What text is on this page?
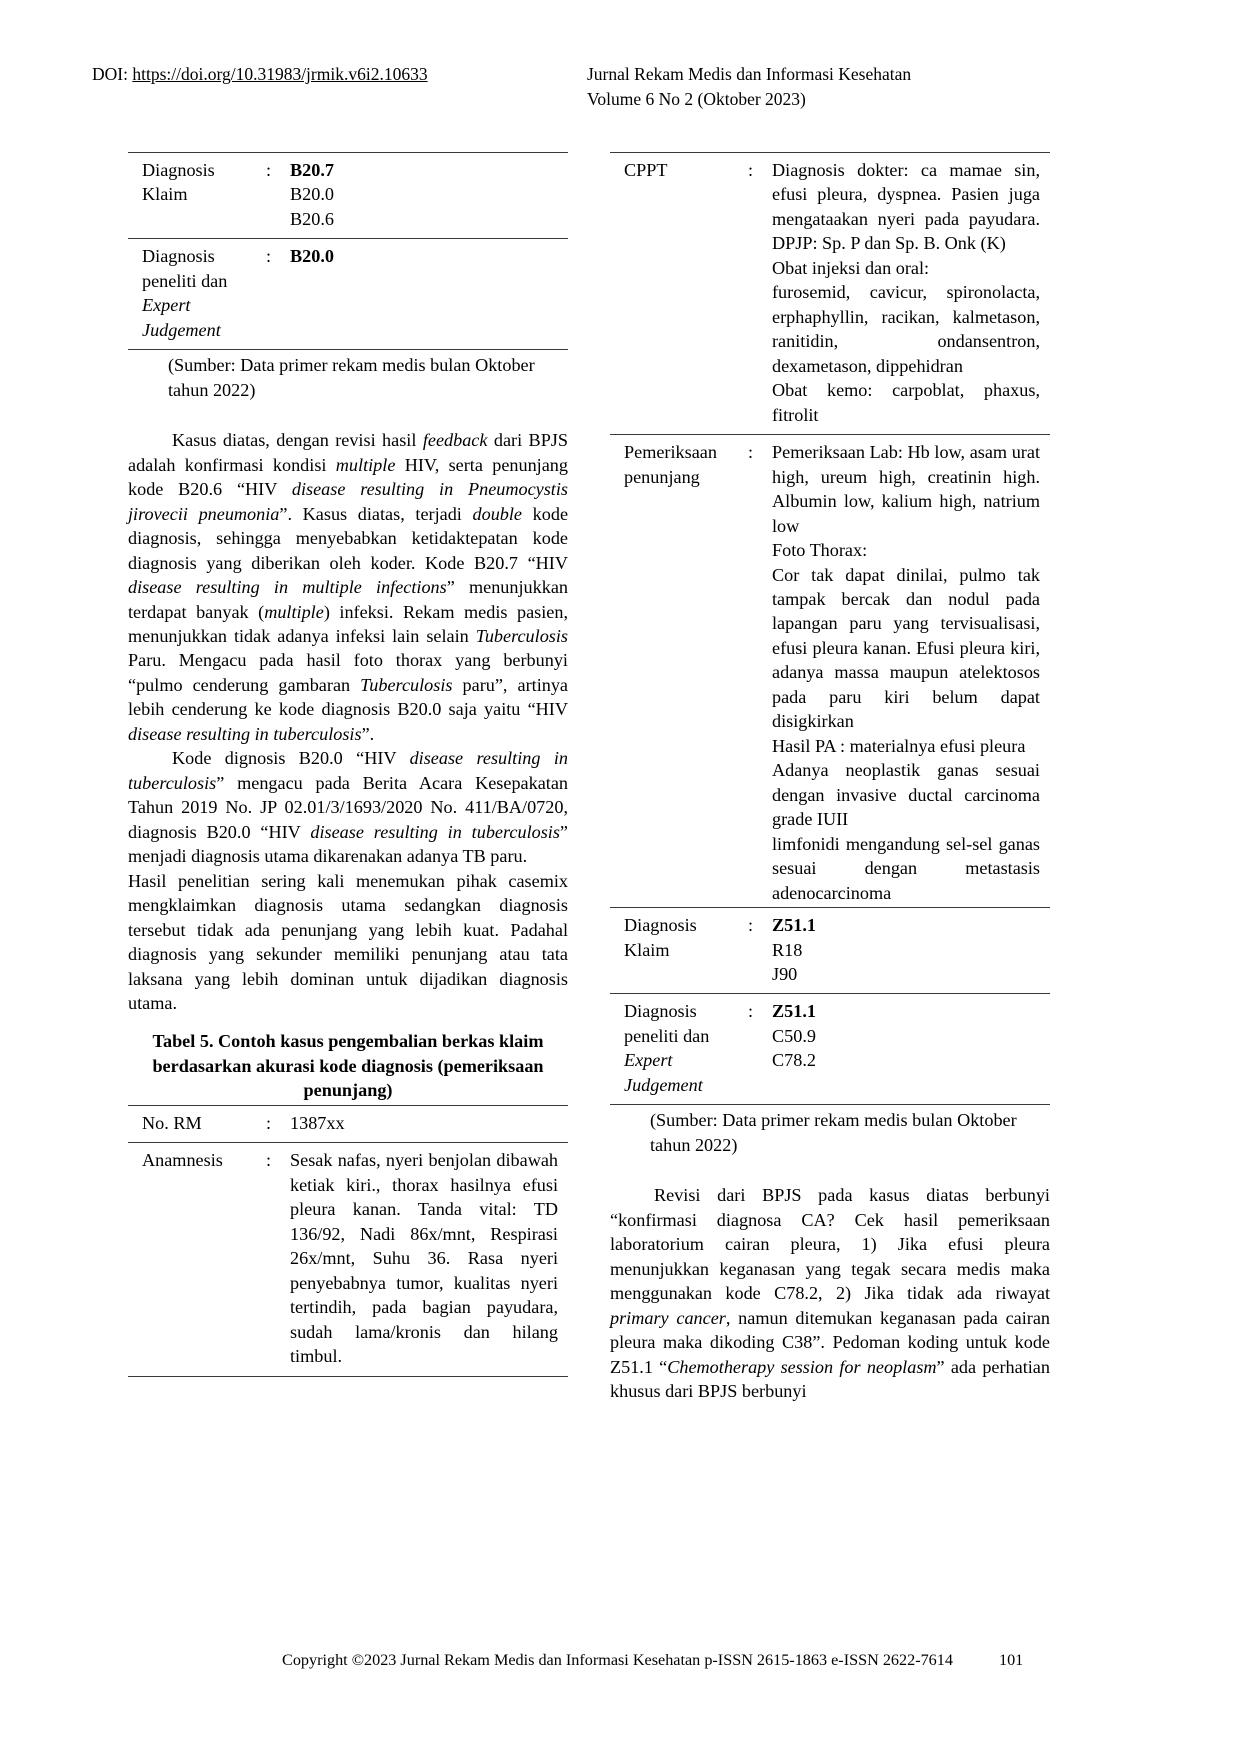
DOI: https://doi.org/10.31983/jrmik.v6i2.10633	Jurnal Rekam Medis dan Informasi Kesehatan
Volume 6 No 2 (Oktober 2023)
Diagnosis
Klaim	:	B20.7
B20.0
B20.6
Diagnosis
peneliti dan
Expert
Judgement	:	B20.0

(Sumber: Data primer rekam medis bulan Oktober tahun 2022)

Kasus diatas, dengan revisi hasil feedback dari BPJS adalah konfirmasi kondisi multiple HIV, serta penunjang kode B20.6 “HIV disease resulting in Pneumocystis jirovecii pneumonia”. Kasus diatas, terjadi double kode diagnosis, sehingga menyebabkan ketidaktepatan kode diagnosis yang diberikan oleh koder. Kode B20.7 “HIV disease resulting in multiple infections” menunjukkan terdapat banyak (multiple) infeksi. Rekam medis pasien, menunjukkan tidak adanya infeksi lain selain Tuberculosis Paru. Mengacu pada hasil foto thorax yang berbunyi “pulmo cenderung gambaran Tuberculosis paru”, artinya lebih cenderung ke kode diagnosis B20.0 saja yaitu “HIV disease resulting in tuberculosis”.

Kode dignosis B20.0 “HIV disease resulting in tuberculosis” mengacu pada Berita Acara Kesepakatan Tahun 2019 No. JP 02.01/3/1693/2020 No. 411/BA/0720, diagnosis B20.0 “HIV disease resulting in tuberculosis” menjadi diagnosis utama dikarenakan adanya TB paru.

Hasil penelitian sering kali menemukan pihak casemix mengklaimkan diagnosis utama sedangkan diagnosis tersebut tidak ada penunjang yang lebih kuat. Padahal diagnosis yang sekunder memiliki penunjang atau tata laksana yang lebih dominan untuk dijadikan diagnosis utama.

Tabel 5. Contoh kasus pengembalian berkas klaim berdasarkan akurasi kode diagnosis (pemeriksaan penunjang)

No. RM	:	1387xx
Anamnesis	:	Sesak nafas, nyeri benjolan dibawah ketiak kiri., thorax hasilnya efusi pleura kanan. Tanda vital: TD 136/92, Nadi 86x/mnt, Respirasi 26x/mnt, Suhu 36. Rasa nyeri penyebabnya tumor, kualitas nyeri tertindih, pada bagian payudara, sudah lama/kronis dan hilang timbul.
CPPT	:	Diagnosis dokter: ca mamae sin, efusi pleura, dyspnea. Pasien juga mengataakan nyeri pada payudara. DPJP: Sp. P dan Sp. B. Onk (K)
Obat injeksi dan oral:
furosemid, cavicur, spironolacta, erphaphyllin, racikan, kalmetason, ranitidin, ondansentron, dexametason, dippehidran
Obat kemo: carpoblat, phaxus, fitrolit

Pemeriksaan
penunjang	:	Pemeriksaan Lab: Hb low, asam urat high, ureum high, creatinin high. Albumin low, kalium high, natrium low
Foto Thorax:
Cor tak dapat dinilai, pulmo tak tampak bercak dan nodul pada lapangan paru yang tervisualisasi, efusi pleura kanan. Efusi pleura kiri, adanya massa maupun atelektosos pada paru kiri belum dapat disigkirkan
Hasil PA : materialnya efusi pleura
Adanya neoplastik ganas sesuai dengan invasive ductal carcinoma grade IUII
limfonidi mengandung sel-sel ganas sesuai dengan metastasis adenocarcinoma

Diagnosis
Klaim	:	Z51.1
R18
J90
Diagnosis
peneliti dan
Expert
Judgement	:	Z51.1
C50.9
C78.2

(Sumber: Data primer rekam medis bulan Oktober tahun 2022)

Revisi dari BPJS pada kasus diatas berbunyi “konfirmasi diagnosa CA? Cek hasil pemeriksaan laboratorium cairan pleura, 1) Jika efusi pleura menunjukkan keganasan yang tegak secara medis maka menggunakan kode C78.2, 2) Jika tidak ada riwayat primary cancer, namun ditemukan keganasan pada cairan pleura maka dikoding C38”. Pedoman koding untuk kode Z51.1 “Chemotherapy session for neoplasm” ada perhatian khusus dari BPJS berbunyi

Copyright ©2023 Jurnal Rekam Medis dan Informasi Kesehatan p-ISSN 2615-1863 e-ISSN 2622-7614	101
